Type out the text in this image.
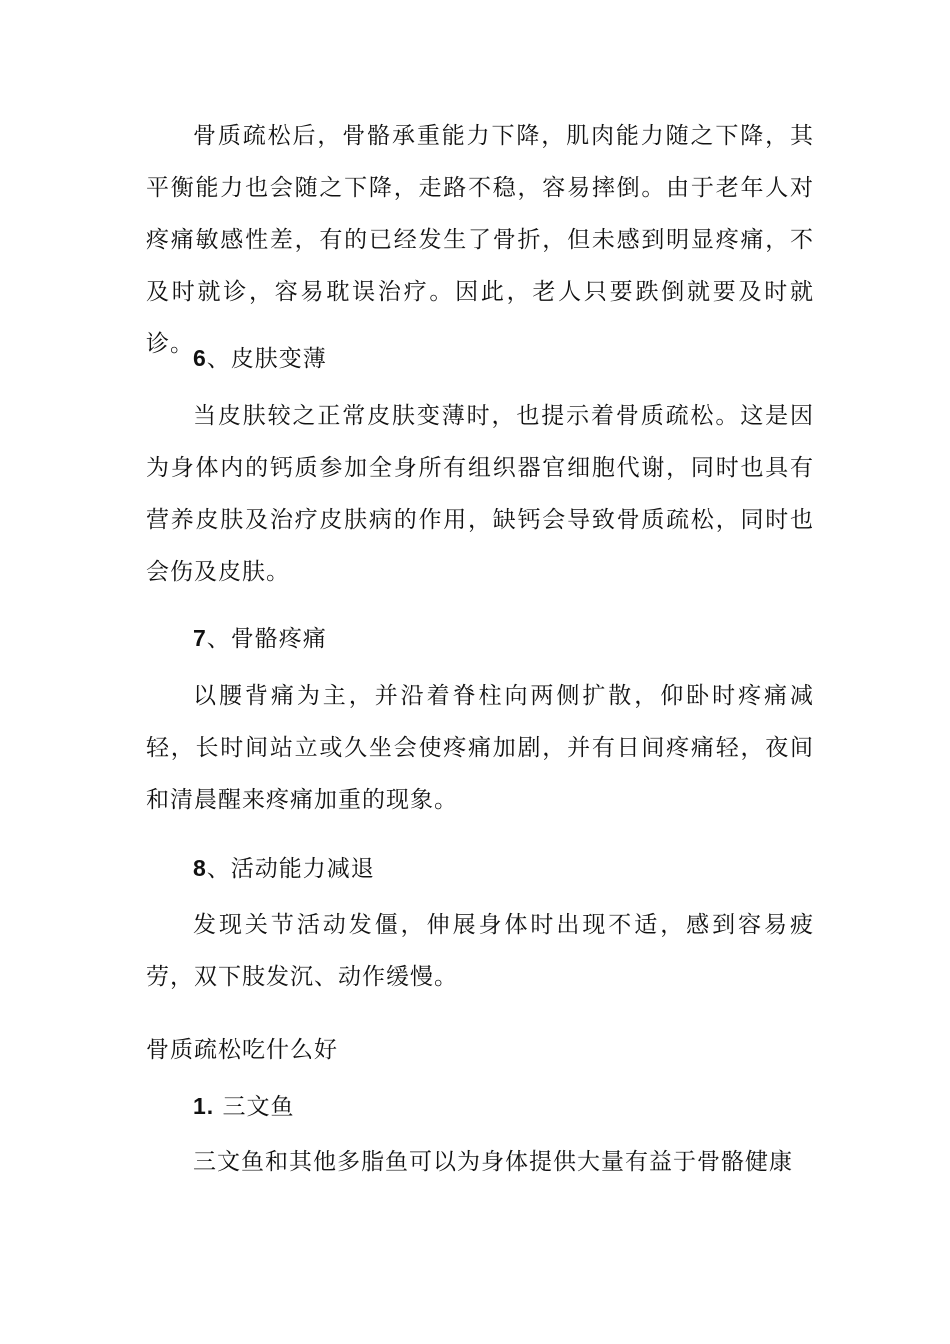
骨质疏松后，骨骼承重能力下降，肌肉能力随之下降，其平衡能力也会随之下降，走路不稳，容易摔倒。由于老年人对疼痛敏感性差，有的已经发生了骨折，但未感到明显疼痛，不及时就诊，容易耽误治疗。因此，老人只要跌倒就要及时就诊。

6、皮肤变薄

当皮肤较之正常皮肤变薄时，也提示着骨质疏松。这是因为身体内的钙质参加全身所有组织器官细胞代谢，同时也具有营养皮肤及治疗皮肤病的作用，缺钙会导致骨质疏松，同时也会伤及皮肤。

7、骨骼疼痛

以腰背痛为主，并沿着脊柱向两侧扩散，仰卧时疼痛减轻，长时间站立或久坐会使疼痛加剧，并有日间疼痛轻，夜间和清晨醒来疼痛加重的现象。

8、活动能力减退

发现关节活动发僵，伸展身体时出现不适，感到容易疲劳，双下肢发沉、动作缓慢。

骨质疏松吃什么好

1. 三文鱼

三文鱼和其他多脂鱼可以为身体提供大量有益于骨骼健康
